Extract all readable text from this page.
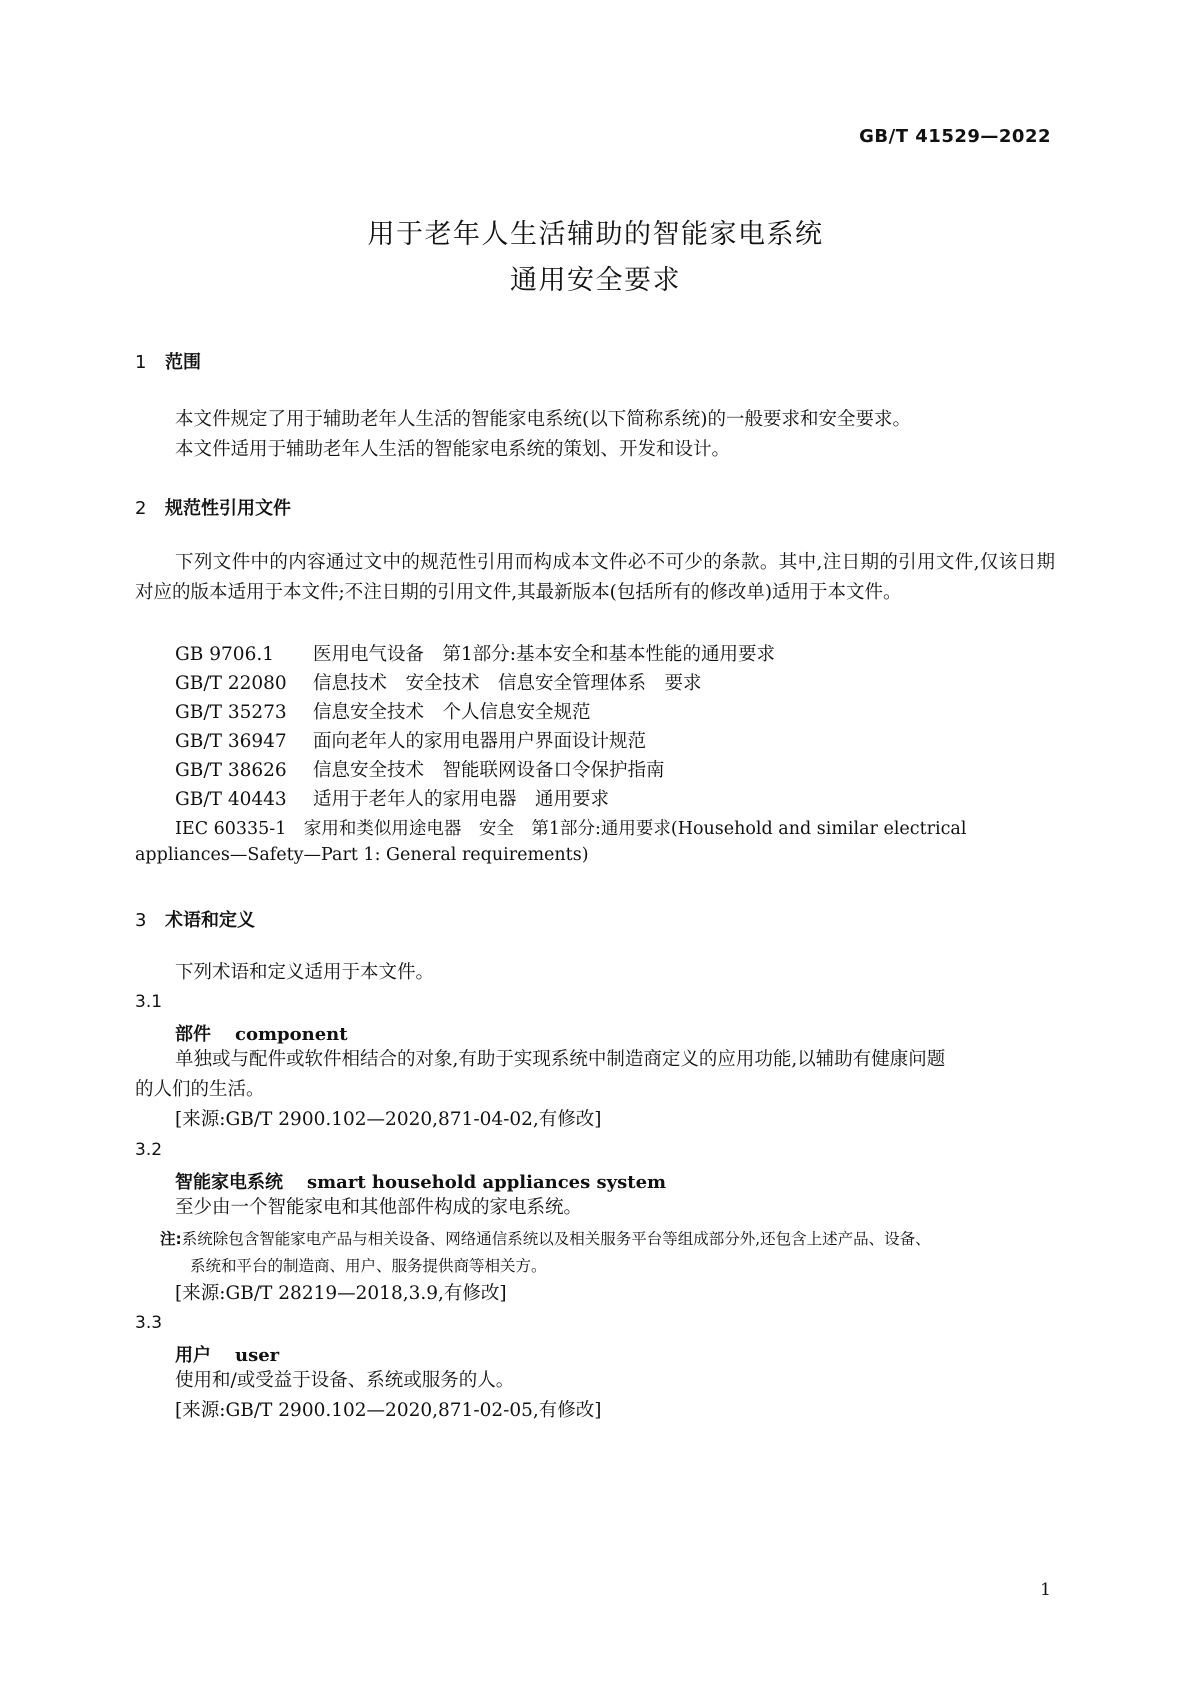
GB/T 41529—2022
用于老年人生活辅助的智能家电系统
通用安全要求
1 范围
本文件规定了用于辅助老年人生活的智能家电系统(以下简称系统)的一般要求和安全要求。
本文件适用于辅助老年人生活的智能家电系统的策划、开发和设计。
2 规范性引用文件
下列文件中的内容通过文中的规范性引用而构成本文件必不可少的条款。其中,注日期的引用文件,仅该日期对应的版本适用于本文件;不注日期的引用文件,其最新版本(包括所有的修改单)适用于本文件。
GB 9706.1 医用电气设备　第1部分:基本安全和基本性能的通用要求
GB/T 22080 信息技术　安全技术　信息安全管理体系　要求
GB/T 35273 信息安全技术　个人信息安全规范
GB/T 36947 面向老年人的家用电器用户界面设计规范
GB/T 38626 信息安全技术　智能联网设备口令保护指南
GB/T 40443 适用于老年人的家用电器　通用要求
IEC 60335-1　家用和类似用途电器　安全　第1部分:通用要求(Household and similar electrical
appliances—Safety—Part 1: General requirements)
3 术语和定义
下列术语和定义适用于本文件。
3.1
部件 component
单独或与配件或软件相结合的对象,有助于实现系统中制造商定义的应用功能,以辅助有健康问题
的人们的生活。
[来源:GB/T 2900.102—2020,871-04-02,有修改]
3.2
智能家电系统 smart household appliances system
至少由一个智能家电和其他部件构成的家电系统。
注:系统除包含智能家电产品与相关设备、网络通信系统以及相关服务平台等组成部分外,还包含上述产品、设备、
系统和平台的制造商、用户、服务提供商等相关方。
[来源:GB/T 28219—2018,3.9,有修改]
3.3
用户 user
使用和/或受益于设备、系统或服务的人。
[来源:GB/T 2900.102—2020,871-02-05,有修改]
1
